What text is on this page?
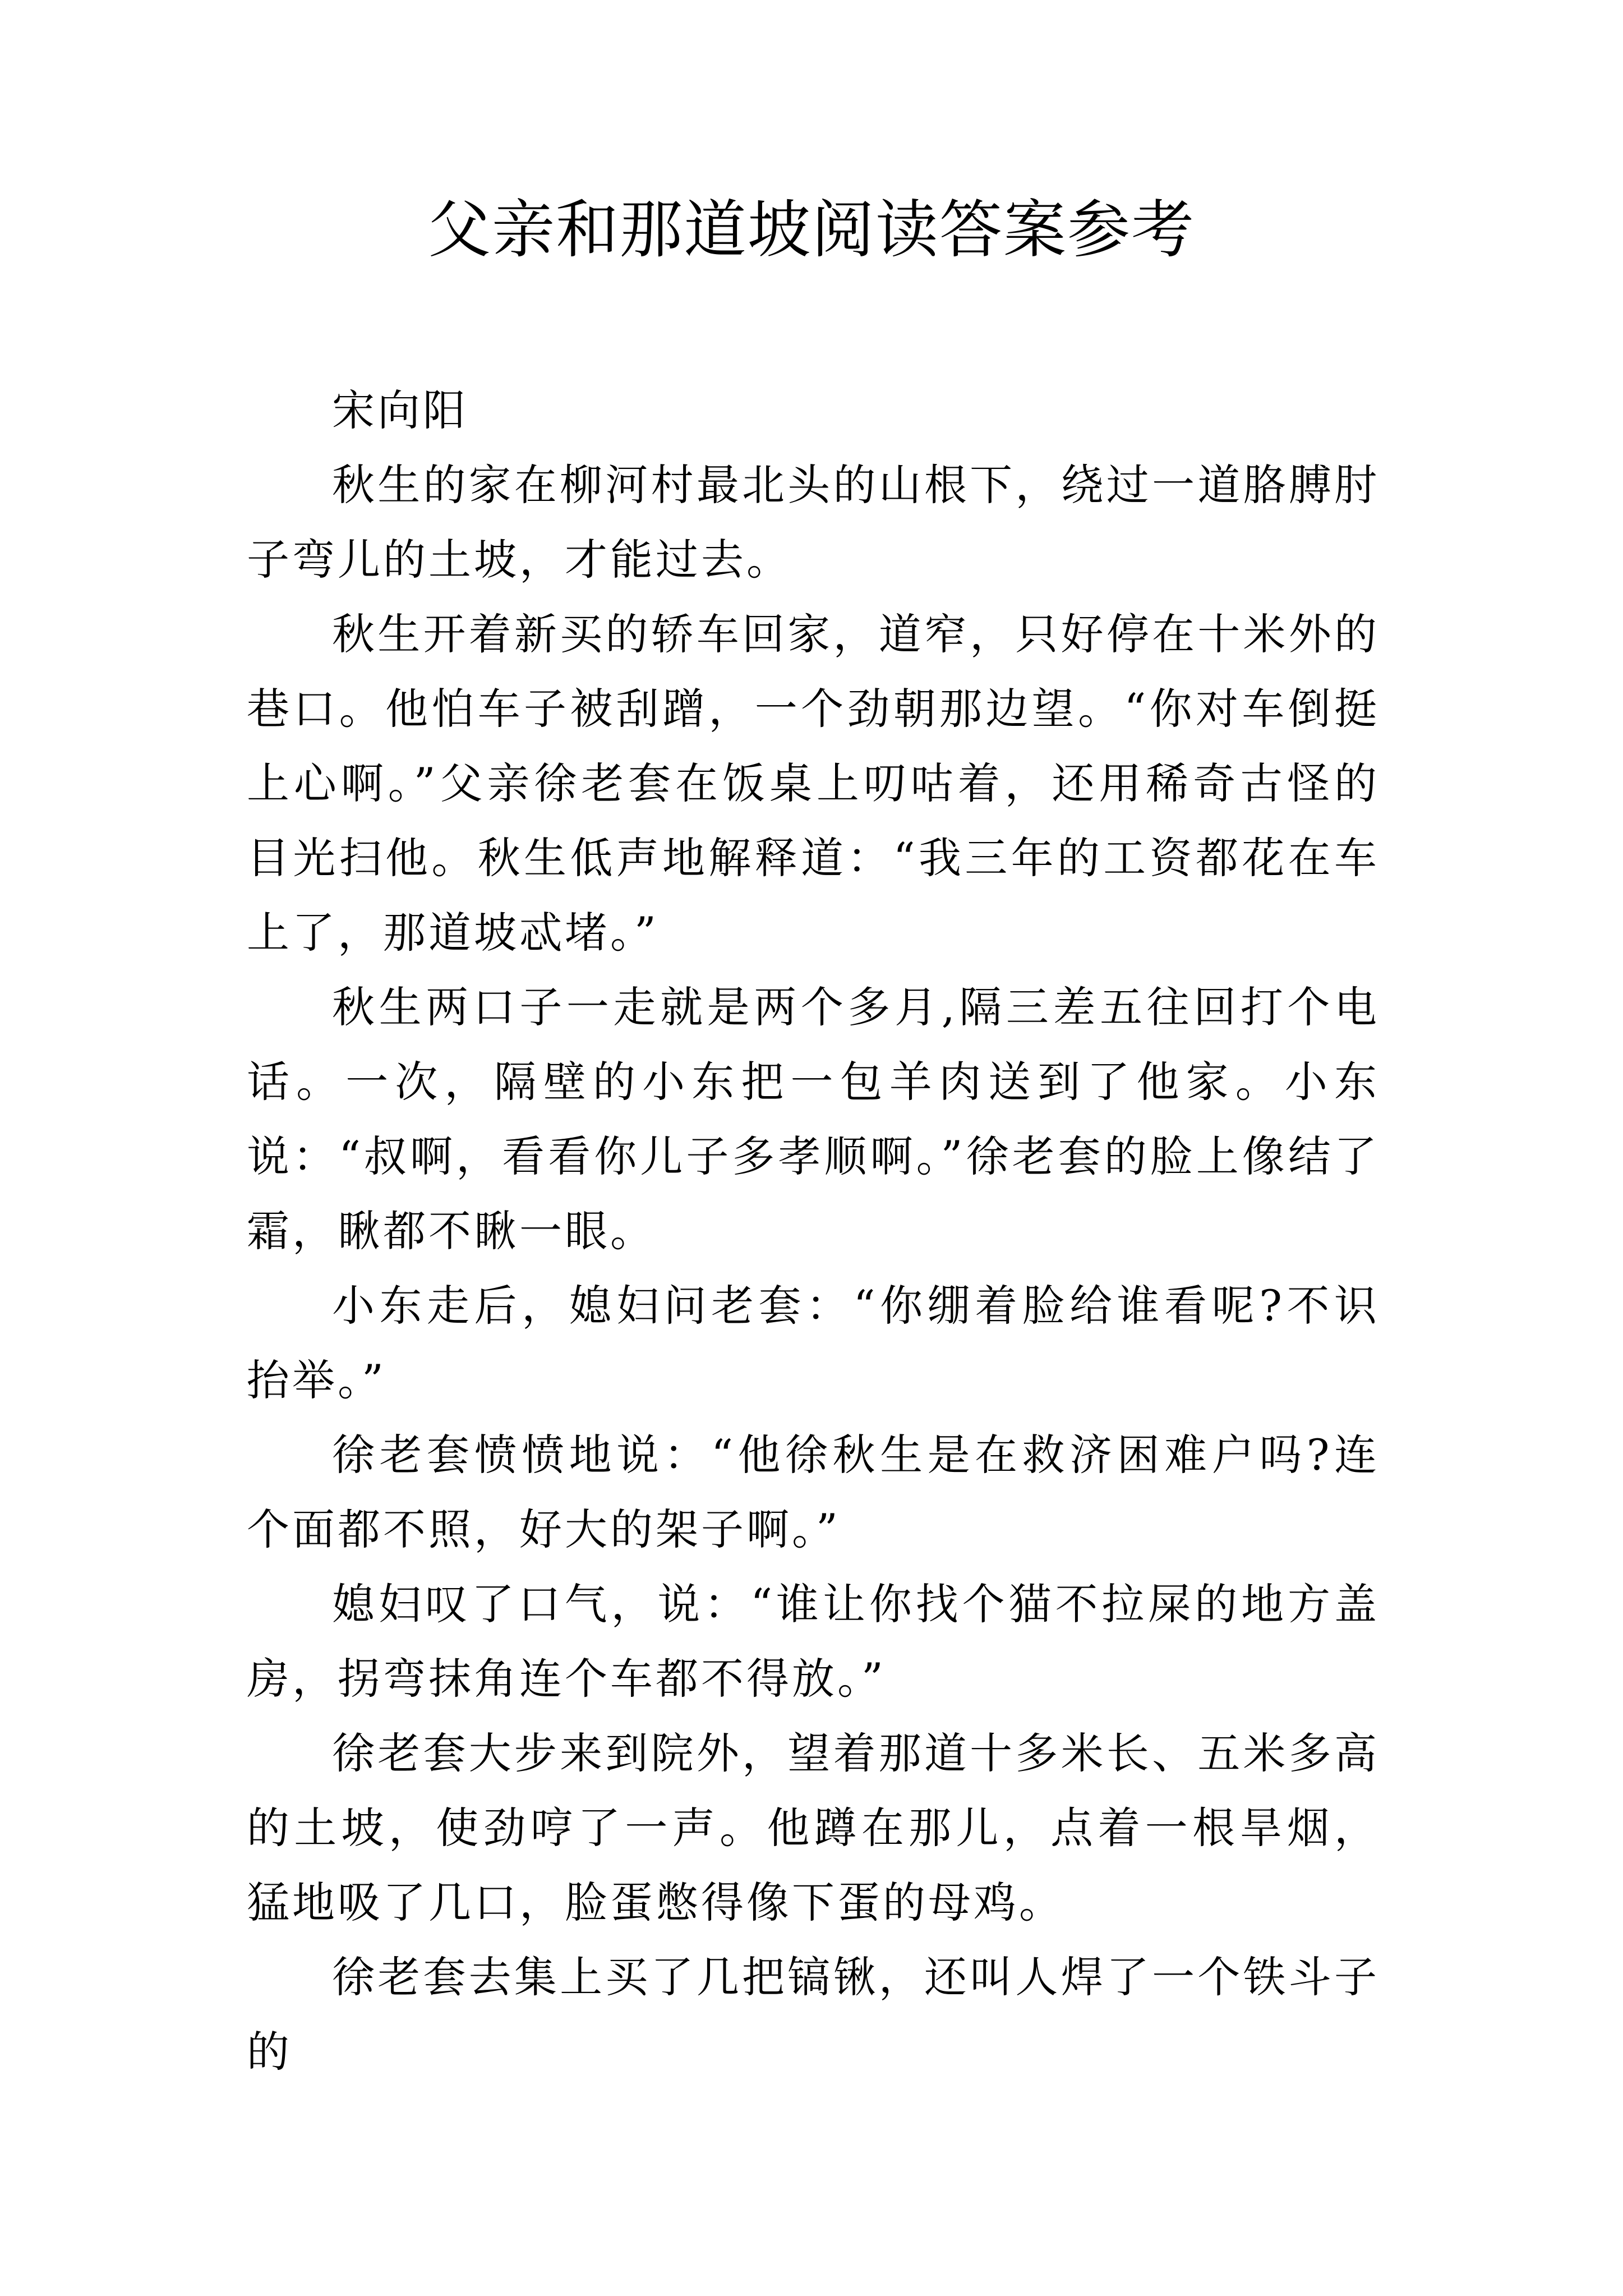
父亲和那道坡阅读答案参考

宋向阳

秋生的家在柳河村最北头的山根下，绕过一道胳膊肘子弯儿的土坡，才能过去。

秋生开着新买的轿车回家，道窄，只好停在十米外的巷口。他怕车子被刮蹭，一个劲朝那边望。“你对车倒挺上心啊。”父亲徐老套在饭桌上叨咕着，还用稀奇古怪的目光扫他。秋生低声地解释道：“我三年的工资都花在车上了，那道坡忒堵。”

秋生两口子一走就是两个多月,隔三差五往回打个电话。一次，隔壁的小东把一包羊肉送到了他家。小东说：“叔啊，看看你儿子多孝顺啊。”徐老套的脸上像结了霜，瞅都不瞅一眼。

小东走后，媳妇问老套：“你绷着脸给谁看呢?不识抬举。”

徐老套愤愤地说：“他徐秋生是在救济困难户吗?连个面都不照，好大的架子啊。”

媳妇叹了口气，说：“谁让你找个猫不拉屎的地方盖房，拐弯抹角连个车都不得放。”

徐老套大步来到院外，望着那道十多米长、五米多高的土坡，使劲哼了一声。他蹲在那儿，点着一根旱烟，猛地吸了几口，脸蛋憋得像下蛋的母鸡。

徐老套去集上买了几把镐锹，还叫人焊了一个铁斗子的
